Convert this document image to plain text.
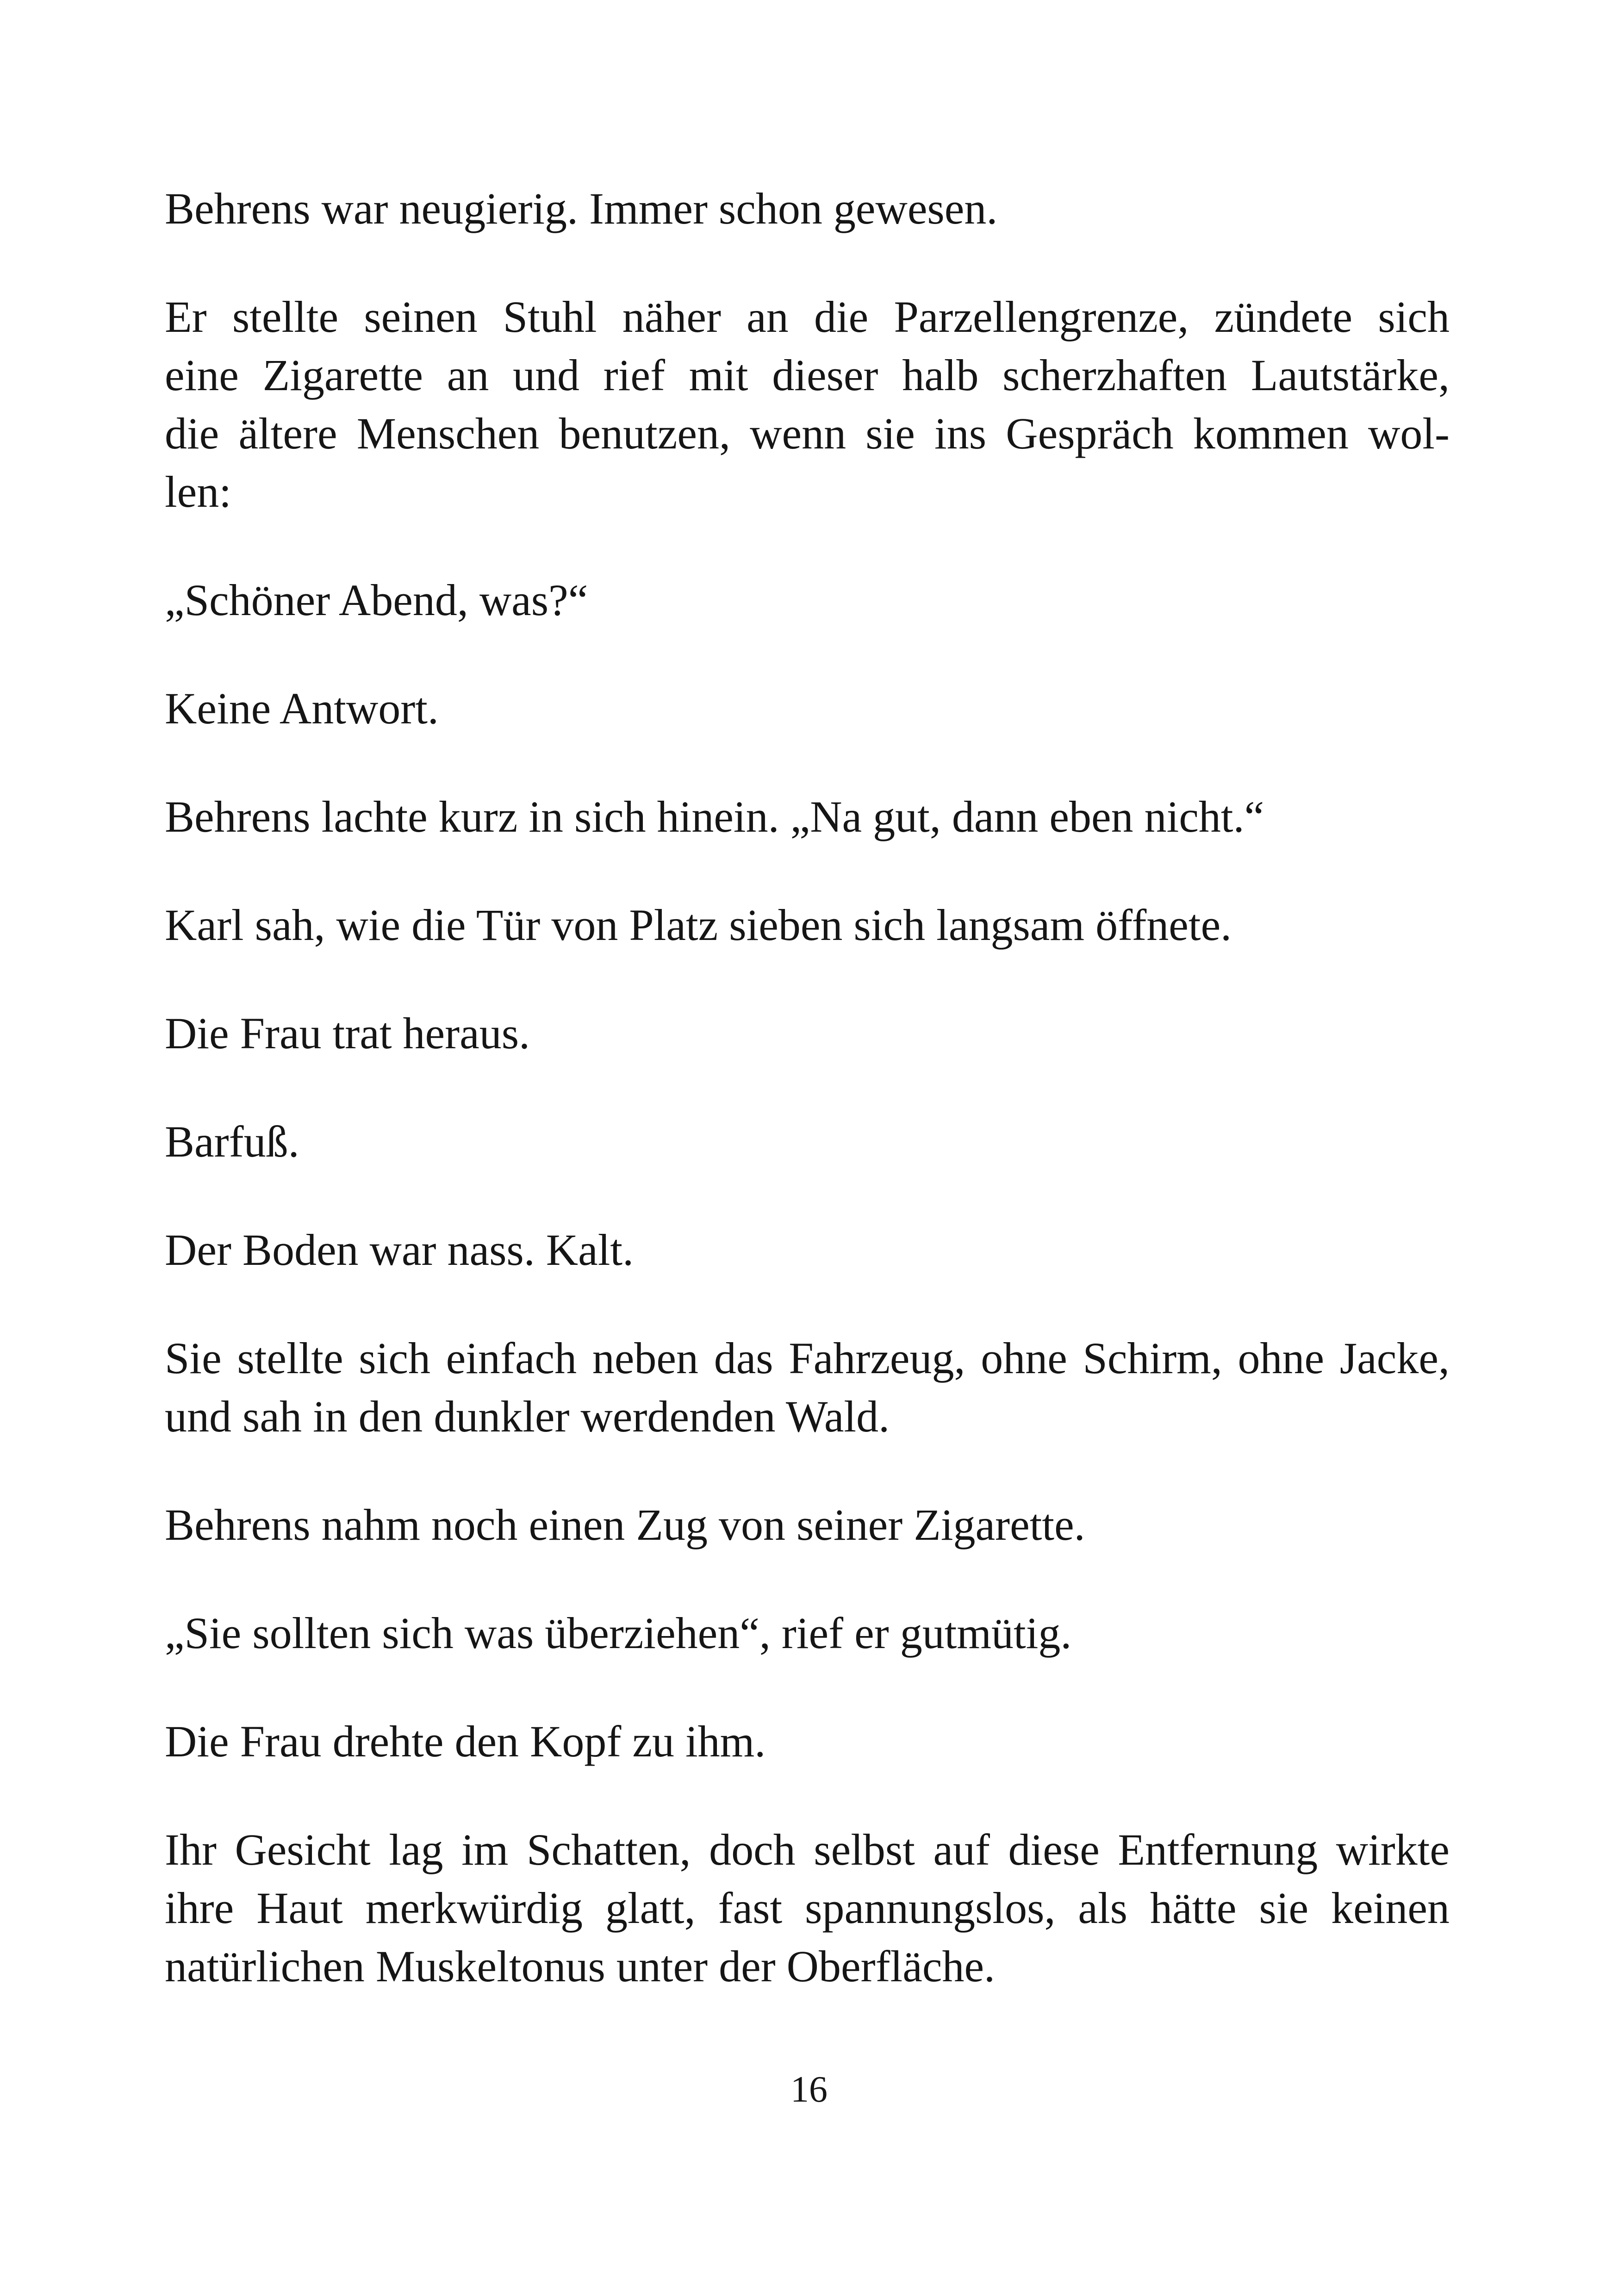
Behrens war neugierig. Immer schon gewesen.

Er stellte seinen Stuhl näher an die Parzellengrenze, zündete sich
eine Zigarette an und rief mit dieser halb scherzhaften Lautstärke,
die ältere Menschen benutzen, wenn sie ins Gespräch kommen wol-
len:

„Schöner Abend, was?“

Keine Antwort.

Behrens lachte kurz in sich hinein. „Na gut, dann eben nicht.“

Karl sah, wie die Tür von Platz sieben sich langsam öffnete.

Die Frau trat heraus.

Barfuß.

Der Boden war nass. Kalt.

Sie stellte sich einfach neben das Fahrzeug, ohne Schirm, ohne Jacke,
und sah in den dunkler werdenden Wald.

Behrens nahm noch einen Zug von seiner Zigarette.

„Sie sollten sich was überziehen“, rief er gutmütig.

Die Frau drehte den Kopf zu ihm.

Ihr Gesicht lag im Schatten, doch selbst auf diese Entfernung wirkte
ihre Haut merkwürdig glatt, fast spannungslos, als hätte sie keinen
natürlichen Muskeltonus unter der Oberfläche.

16
